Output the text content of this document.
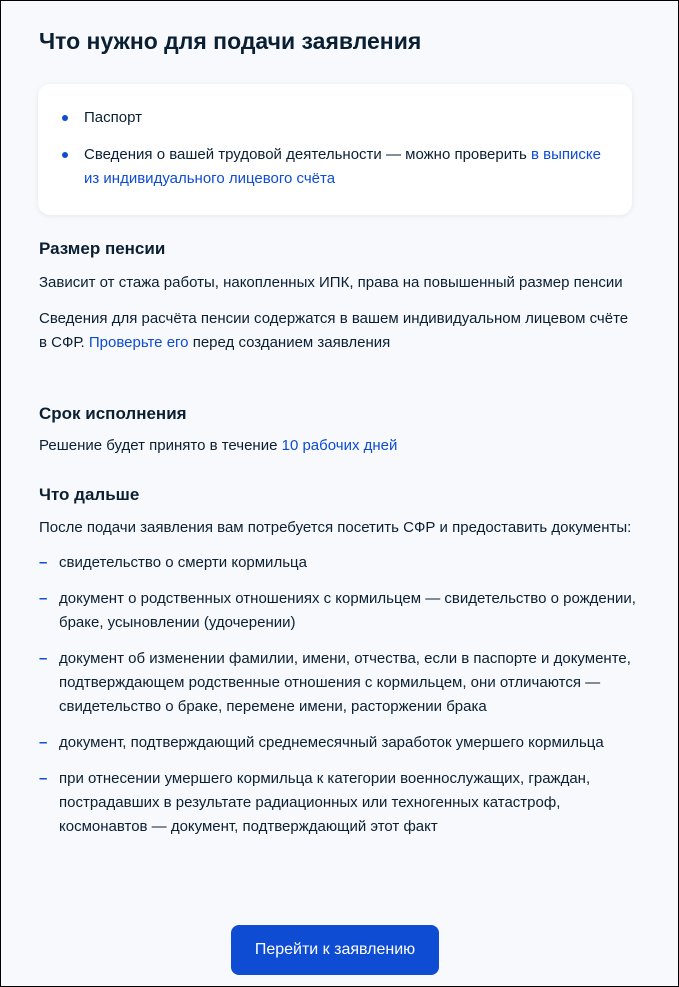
Что нужно для подачи заявления
Паспорт
Сведения о вашей трудовой деятельности — можно проверить в выписке из индивидуального лицевого счёта
Размер пенсии

Зависит от стажа работы, накопленных ИПК, права на повышенный размер пенсии

Сведения для расчёта пенсии содержатся в вашем индивидуальном лицевом счёте в СФР. Проверьте его перед созданием заявления

Срок исполнения

Решение будет принято в течение 10 рабочих дней

Что дальше

После подачи заявления вам потребуется посетить СФР и предоставить документы:

– свидетельство о смерти кормильца
– документ о родственных отношениях с кормильцем — свидетельство о рождении, браке, усыновлении (удочерении)
– документ об изменении фамилии, имени, отчества, если в паспорте и документе, подтверждающем родственные отношения с кормильцем, они отличаются — свидетельство о браке, перемене имени, расторжении брака
– документ, подтверждающий среднемесячный заработок умершего кормильца
– при отнесении умершего кормильца к категории военнослужащих, граждан, пострадавших в результате радиационных или техногенных катастроф, космонавтов — документ, подтверждающий этот факт
Перейти к заявлению
